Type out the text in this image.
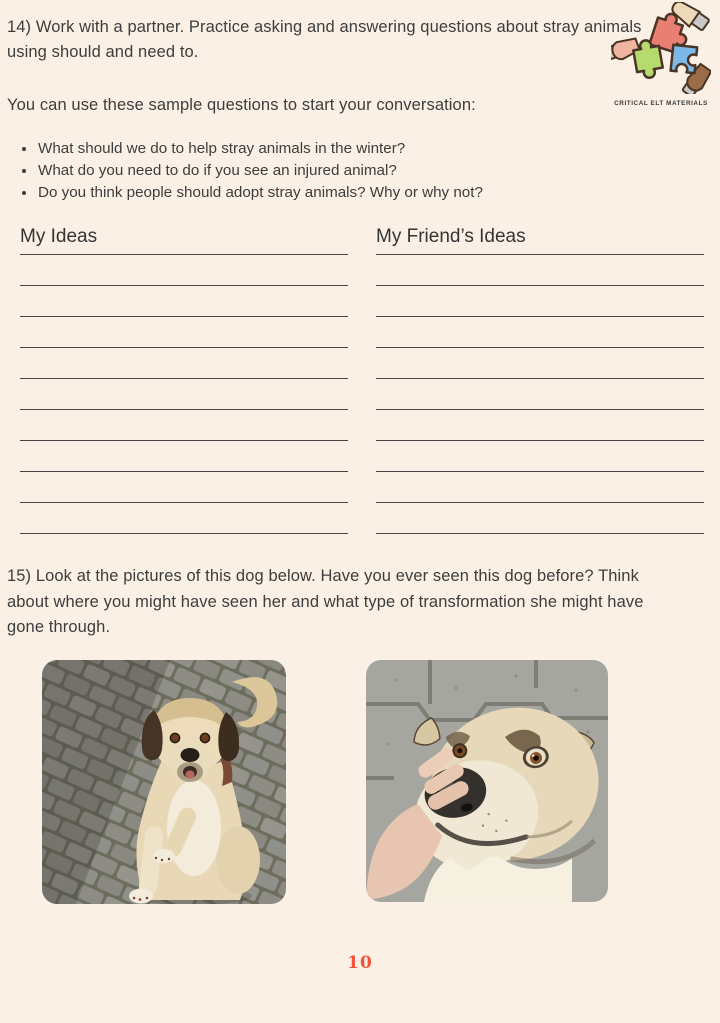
CRITICAL ELT MATERIALS

14) Work with a partner. Practice asking and answering questions about stray animals
using should and need to.

You can use these sample questions to start your conversation:

• What should we do to help stray animals in the winter?
• What do you need to do if you see an injured animal?
• Do you think people should adopt stray animals? Why or why not?
My Ideas	My Friend’s Ideas

15) Look at the pictures of this dog below. Have you ever seen this dog before? Think
about where you might have seen her and what type of transformation she might have
gone through.

10
